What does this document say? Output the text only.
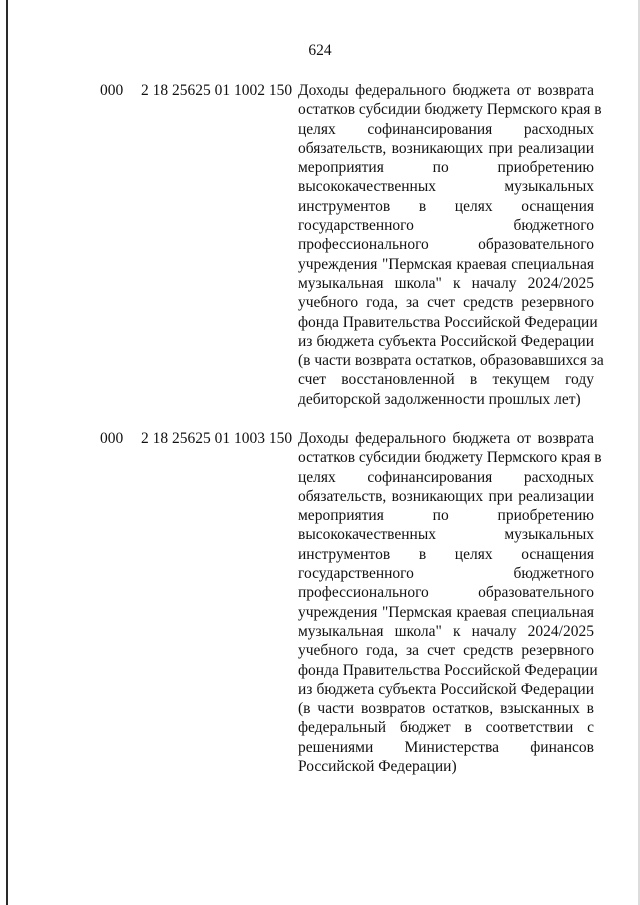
624
000 2 18 25625 01 1002 150 Доходы федерального бюджета от возврата
остатков субсидии бюджету Пермского края в
целях софинансирования расходных
обязательств, возникающих при реализации
мероприятия по приобретению
высококачественных музыкальных
инструментов в целях оснащения
государственного бюджетного
профессионального образовательного
учреждения "Пермская краевая специальная
музыкальная школа" к началу 2024/2025
учебного года, за счет средств резервного
фонда Правительства Российской Федерации
из бюджета субъекта Российской Федерации
(в части возврата остатков, образовавшихся за
счет восстановленной в текущем году
дебиторской задолженности прошлых лет)
000 2 18 25625 01 1003 150 Доходы федерального бюджета от возврата
остатков субсидии бюджету Пермского края в
целях софинансирования расходных
обязательств, возникающих при реализации
мероприятия по приобретению
высококачественных музыкальных
инструментов в целях оснащения
государственного бюджетного
профессионального образовательного
учреждения "Пермская краевая специальная
музыкальная школа" к началу 2024/2025
учебного года, за счет средств резервного
фонда Правительства Российской Федерации
из бюджета субъекта Российской Федерации
(в части возвратов остатков, взысканных в
федеральный бюджет в соответствии с
решениями Министерства финансов
Российской Федерации)
